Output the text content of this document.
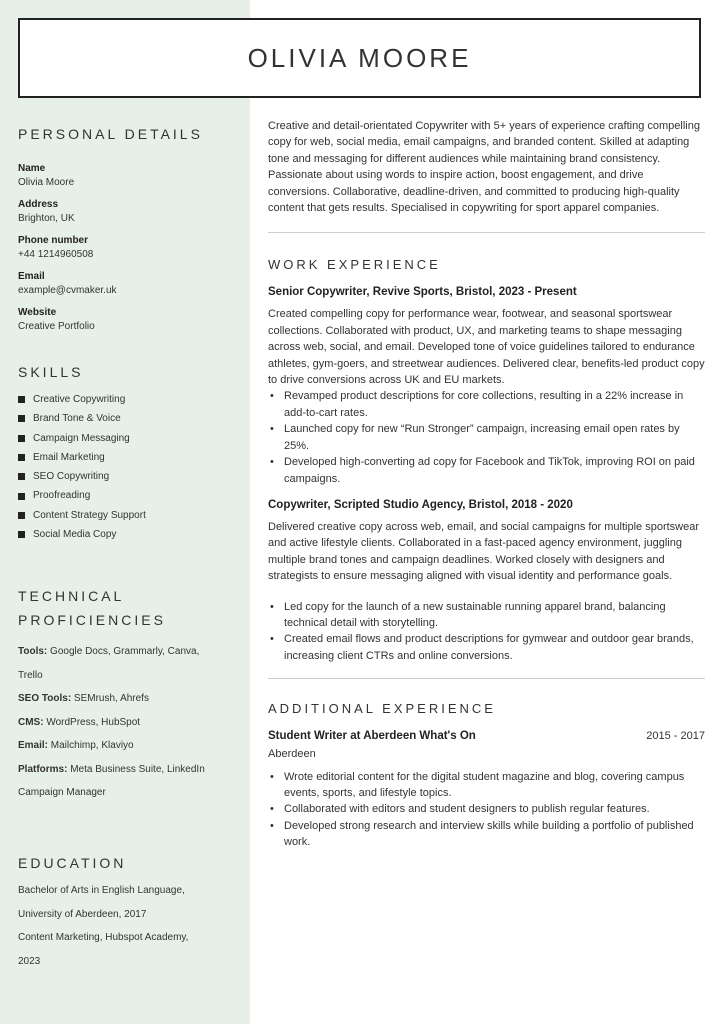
OLIVIA MOORE
PERSONAL DETAILS

Name

Olivia Moore

Address

Brighton, UK

Phone number

+44 1214960508

Email

example@cvmaker.uk

Website

Creative Portfolio

SKILLS
Creative Copywriting
Brand Tone & Voice
Campaign Messaging
Email Marketing
SEO Copywriting
Proofreading
Content Strategy Support
Social Media Copy
TECHNICAL
PROFICIENCIES

Tools: Google Docs, Grammarly, Canva,

Trello

SEO Tools: SEMrush, Ahrefs

CMS: WordPress, HubSpot

Email: Mailchimp, Klaviyo

Platforms: Meta Business Suite, LinkedIn

Campaign Manager

EDUCATION

Bachelor of Arts in English Language,

University of Aberdeen, 2017

Content Marketing, Hubspot Academy,

2023

Creative and detail-orientated Copywriter with 5+ years of experience crafting compelling copy for web, social media, email campaigns, and branded content. Skilled at adapting tone and messaging for different audiences while maintaining brand consistency. Passionate about using words to inspire action, boost engagement, and drive conversions. Collaborative, deadline-driven, and committed to producing high-quality content that gets results. Specialised in copywriting for sport apparel companies.

WORK EXPERIENCE

Senior Copywriter, Revive Sports, Bristol, 2023 - Present

Created compelling copy for performance wear, footwear, and seasonal sportswear collections. Collaborated with product, UX, and marketing teams to shape messaging across web, social, and email. Developed tone of voice guidelines tailored to endurance athletes, gym-goers, and streetwear audiences. Delivered clear, benefits-led product copy to drive conversions across UK and EU markets.

• Revamped product descriptions for core collections, resulting in a 22% increase in add-to-cart rates.
• Launched copy for new “Run Stronger” campaign, increasing email open rates by 25%.
• Developed high-converting ad copy for Facebook and TikTok, improving ROI on paid campaigns.

Copywriter, Scripted Studio Agency, Bristol, 2018 - 2020

Delivered creative copy across web, email, and social campaigns for multiple sportswear and active lifestyle clients. Collaborated in a fast-paced agency environment, juggling multiple brand tones and campaign deadlines. Worked closely with designers and strategists to ensure messaging aligned with visual identity and performance goals.

• Led copy for the launch of a new sustainable running apparel brand, balancing technical detail with storytelling.
• Created email flows and product descriptions for gymwear and outdoor gear brands, increasing client CTRs and online conversions.
ADDITIONAL EXPERIENCE

Student Writer at Aberdeen What's On	2015 - 2017

Aberdeen

• Wrote editorial content for the digital student magazine and blog, covering campus events, sports, and lifestyle topics.
• Collaborated with editors and student designers to publish regular features.
• Developed strong research and interview skills while building a portfolio of published work.
